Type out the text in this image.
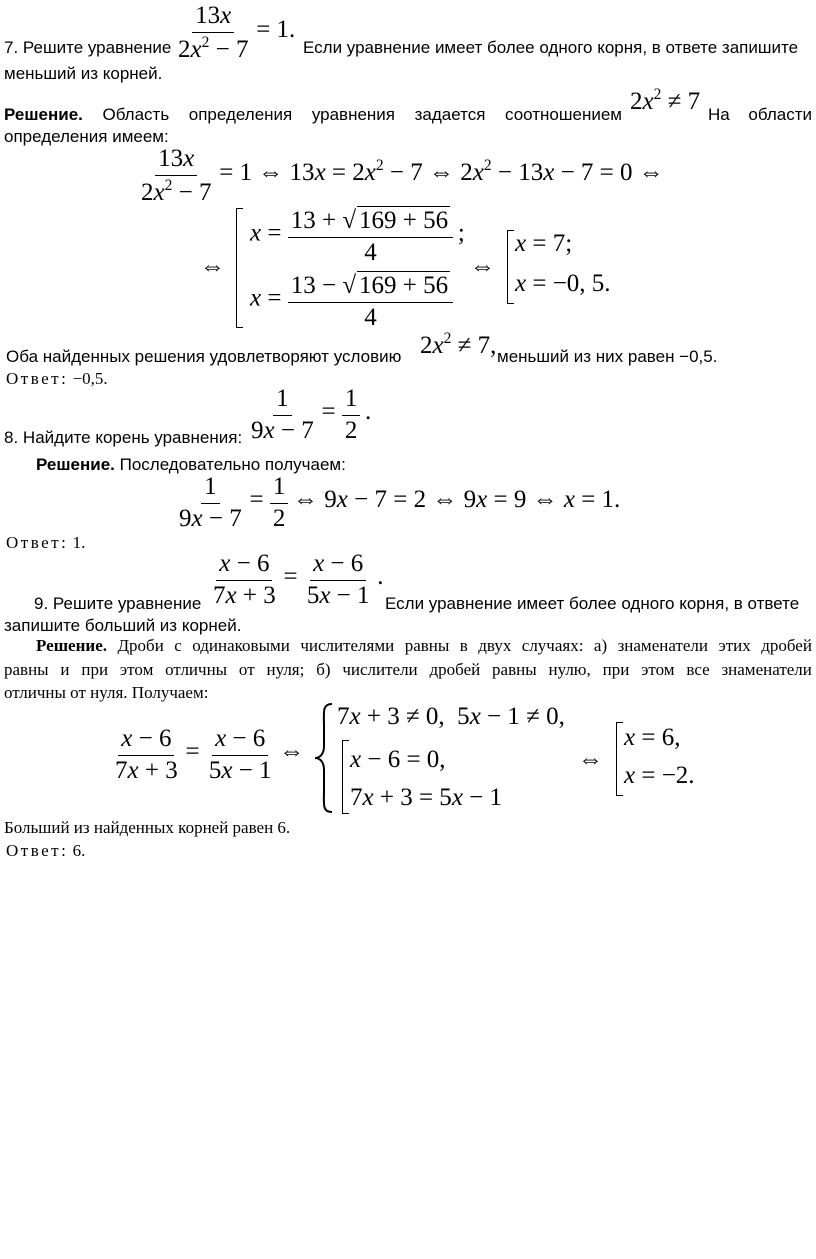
$\frac{13x}{2x^2 - 7} = 1$.
7. Решите уравнение	Если уравнение имеет более одного корня, в ответе запишите
меньший из корней.
Решение. Область определения уравнения задается соотношением $2x^2 \ne 7$ На области
определения имеем:
$\frac{13x}{2x^2 - 7} = 1$ ⇔ $13x = 2x^2 - 7$ ⇔ $2x^2 - 13x - 7 = 0$ ⇔
⇔
$x = \frac{13 + √ 169 + 56}{4}$ ;
$x = \frac{13 - √ 169 + 56}{4}$
⇔
x = 7;
x = −0, 5.
Оба найденных решения удовлетворяют условию $2x^2 \ne 7$, меньший из них равен −0,5.
Ответ: −0,5.
$\frac{1}{9x - 7} = \frac{1}{2}$ .
8. Найдите корень уравнения:
Решение. Последовательно получаем:
$\frac{1}{9x - 7} = \frac{1}{2}$ ⇔ 9x − 7 = 2 ⇔ 9x = 9 ⇔ x = 1.
Ответ: 1.
$\frac{x - 6}{7x + 3} = \frac{x - 6}{5x - 1}$ .
9. Решите уравнение	Если уравнение имеет более одного корня, в ответе
запишите больший из корней.
Решение. Дроби с одинаковыми числителями равны в двух случаях: а) знаменатели этих дробей
равны и при этом отличны от нуля; б) числители дробей равны нулю, при этом все знаменатели
отличны от нуля. Получаем:
$\frac{x - 6}{7x + 3} = \frac{x - 6}{5x - 1}$ ⇔
7x + 3 ≠ 0,  5x − 1 ≠ 0,
x − 6 = 0,
7x + 3 = 5x − 1
⇔
x = 6,
x = −2.
Больший из найденных корней равен 6.
Ответ: 6.
